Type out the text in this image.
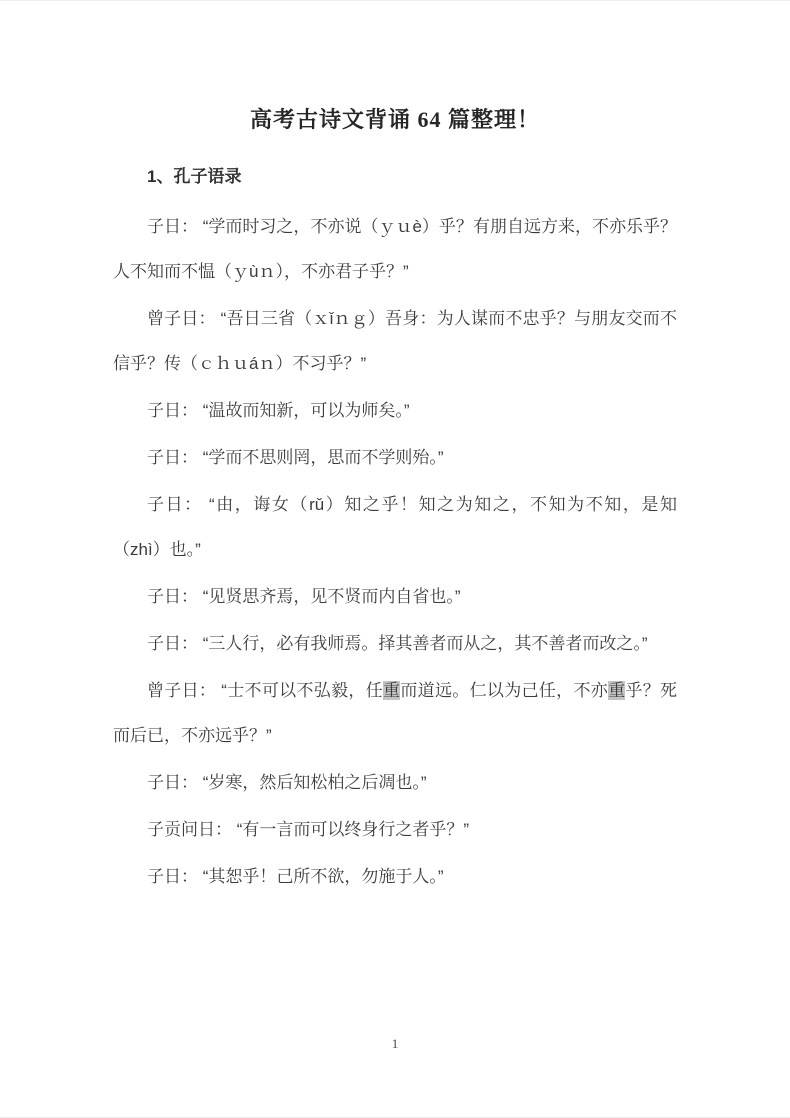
高考古诗文背诵 64 篇整理！
1、孔子语录

子日： “学而时习之，不亦说（ｙｕè）乎？有朋自远方来，不亦乐乎？人不知而不愠（ｙùｎ），不亦君子乎？”

曾子日： “吾日三省（ｘǐｎｇ）吾身：为人谋而不忠乎？与朋友交而不信乎？传（ｃｈｕáｎ）不习乎？”

子日： “温故而知新，可以为师矣。”

子日： “学而不思则罔，思而不学则殆。”

子日： “由，诲女（rǔ）知之乎！知之为知之，不知为不知，是知（zhì）也。”

子日： “见贤思齐焉，见不贤而内自省也。”

子日： “三人行，必有我师焉。择其善者而从之，其不善者而改之。”

曾子日： “士不可以不弘毅，任重而道远。仁以为己任，不亦重乎？死而后已，不亦远乎？”

子日： “岁寒，然后知松柏之后凋也。”

子贡问日： “有一言而可以终身行之者乎？”

子日： “其恕乎！己所不欲，勿施于人。”

1
